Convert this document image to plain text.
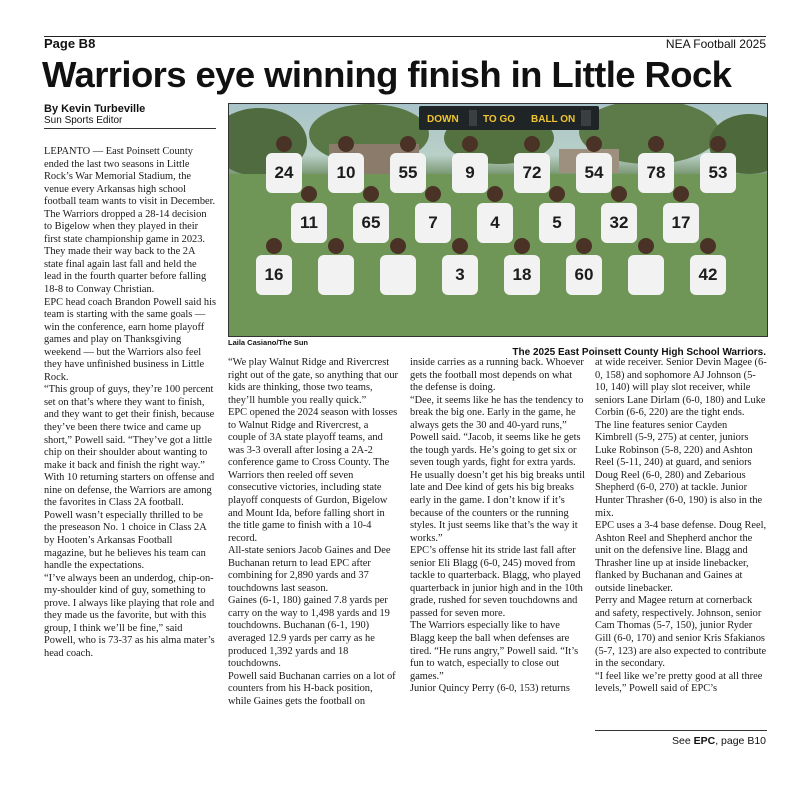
Page B8	NEA Football 2025
Warriors eye winning finish in Little Rock
By Kevin Turbeville
Sun Sports Editor

LEPANTO — East Poinsett County ended the last two seasons in Little Rock’s War Memorial Stadium, the venue every Arkansas high school football team wants to visit in December.

The Warriors dropped a 28-14 decision to Bigelow when they played in their first state championship game in 2023. They made their way back to the 2A state final again last fall and held the lead in the fourth quarter before falling 18-8 to Conway Christian.

EPC head coach Brandon Powell said his team is starting with the same goals — win the conference, earn home playoff games and play on Thanksgiving weekend — but the Warriors also feel they have unfinished business in Little Rock.

“This group of guys, they’re 100 percent set on that’s where they want to finish, and they want to get their finish, because they’ve been there twice and came up short,” Powell said. “They’ve got a little chip on their shoulder about wanting to make it back and finish the right way.”

With 10 returning starters on offense and nine on defense, the Warriors are among the favorites in Class 2A football.

Powell wasn’t especially thrilled to be the preseason No. 1 choice in Class 2A by Hooten’s Arkansas Football magazine, but he believes his team can handle the expectations.

“I’ve always been an underdog, chip-on-my-shoulder kind of guy, something to prove. I always like playing that role and they made us the favorite, but with this group, I think we’ll be fine,” said Powell, who is 73-37 as his alma mater’s head coach.

DOWN TO GO BALL ON
24	10	55	9	72	54	78	53
11	65	7	4	5	32	17
16	3	18	60	42
Laila Casiano/The Sun
The 2025 East Poinsett County High School Warriors.

“We play Walnut Ridge and Rivercrest right out of the gate, so anything that our kids are thinking, those two teams, they’ll humble you really quick.”

EPC opened the 2024 season with losses to Walnut Ridge and Rivercrest, a couple of 3A state playoff teams, and was 3-3 overall after losing a 2A-2 conference game to Cross County. The Warriors then reeled off seven consecutive victories, including state playoff conquests of Gurdon, Bigelow and Mount Ida, before falling short in the title game to finish with a 10-4 record.

All-state seniors Jacob Gaines and Dee Buchanan return to lead EPC after combining for 2,890 yards and 37 touchdowns last season.

Gaines (6-1, 180) gained 7.8 yards per carry on the way to 1,498 yards and 19 touchdowns. Buchanan (6-1, 190) averaged 12.9 yards per carry as he produced 1,392 yards and 18 touchdowns.

Powell said Buchanan carries on a lot of counters from his H-back position, while Gaines gets the football on

inside carries as a running back. Whoever gets the football most depends on what the defense is doing.

“Dee, it seems like he has the tendency to break the big one. Early in the game, he always gets the 30 and 40-yard runs,” Powell said. “Jacob, it seems like he gets the tough yards. He’s going to get six or seven tough yards, fight for extra yards. He usually doesn’t get his big breaks until late and Dee kind of gets his big breaks early in the game. I don’t know if it’s because of the counters or the running styles. It just seems like that’s the way it works.”

EPC’s offense hit its stride last fall after senior Eli Blagg (6-0, 245) moved from tackle to quarterback. Blagg, who played quarterback in junior high and in the 10th grade, rushed for seven touchdowns and passed for seven more.

The Warriors especially like to have Blagg keep the ball when defenses are tired. “He runs angry,” Powell said. “It’s fun to watch, especially to close out games.”

Junior Quincy Perry (6-0, 153) returns

at wide receiver. Senior Devin Magee (6-0, 158) and sophomore AJ Johnson (5-10, 140) will play slot receiver, while seniors Lane Dirlam (6-0, 180) and Luke Corbin (6-6, 220) are the tight ends.

The line features senior Cayden Kimbrell (5-9, 275) at center, juniors Luke Robinson (5-8, 220) and Ashton Reel (5-11, 240) at guard, and seniors Doug Reel (6-0, 280) and Zebarious Shepherd (6-0, 270) at tackle. Junior Hunter Thrasher (6-0, 190) is also in the mix.

EPC uses a 3-4 base defense. Doug Reel, Ashton Reel and Shepherd anchor the unit on the defensive line. Blagg and Thrasher line up at inside linebacker, flanked by Buchanan and Gaines at outside linebacker.

Perry and Magee return at cornerback and safety, respectively. Johnson, senior Cam Thomas (5-7, 150), junior Ryder Gill (6-0, 170) and senior Kris Sfakianos (5-7, 123) are also expected to contribute in the secondary.

“I feel like we’re pretty good at all three levels,” Powell said of EPC’s

See EPC, page B10
